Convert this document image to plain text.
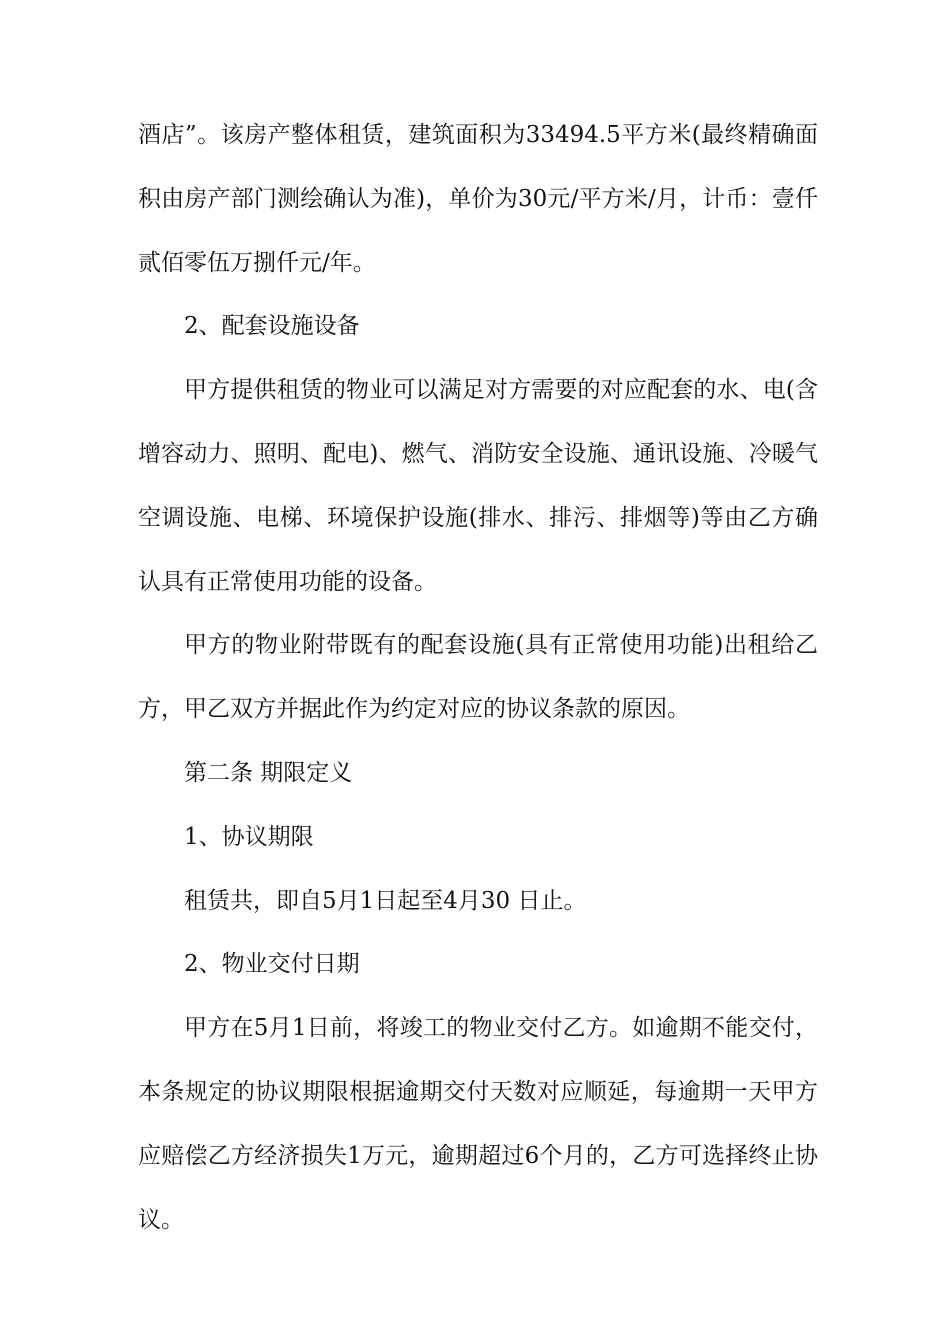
酒店”。该房产整体租赁，建筑面积为33494.5平方米(最终精确面积由房产部门测绘确认为准)，单价为30元/平方米/月，计币：壹仟贰佰零伍万捌仟元/年。

2、配套设施设备

甲方提供租赁的物业可以满足对方需要的对应配套的水、电(含增容动力、照明、配电)、燃气、消防安全设施、通讯设施、冷暖气空调设施、电梯、环境保护设施(排水、排污、排烟等)等由乙方确认具有正常使用功能的设备。

甲方的物业附带既有的配套设施(具有正常使用功能)出租给乙方，甲乙双方并据此作为约定对应的协议条款的原因。

第二条 期限定义

1、协议期限

租赁共，即自5月1日起至4月30 日止。

2、物业交付日期

甲方在5月1日前，将竣工的物业交付乙方。如逾期不能交付，本条规定的协议期限根据逾期交付天数对应顺延，每逾期一天甲方应赔偿乙方经济损失1万元，逾期超过6个月的，乙方可选择终止协议。
